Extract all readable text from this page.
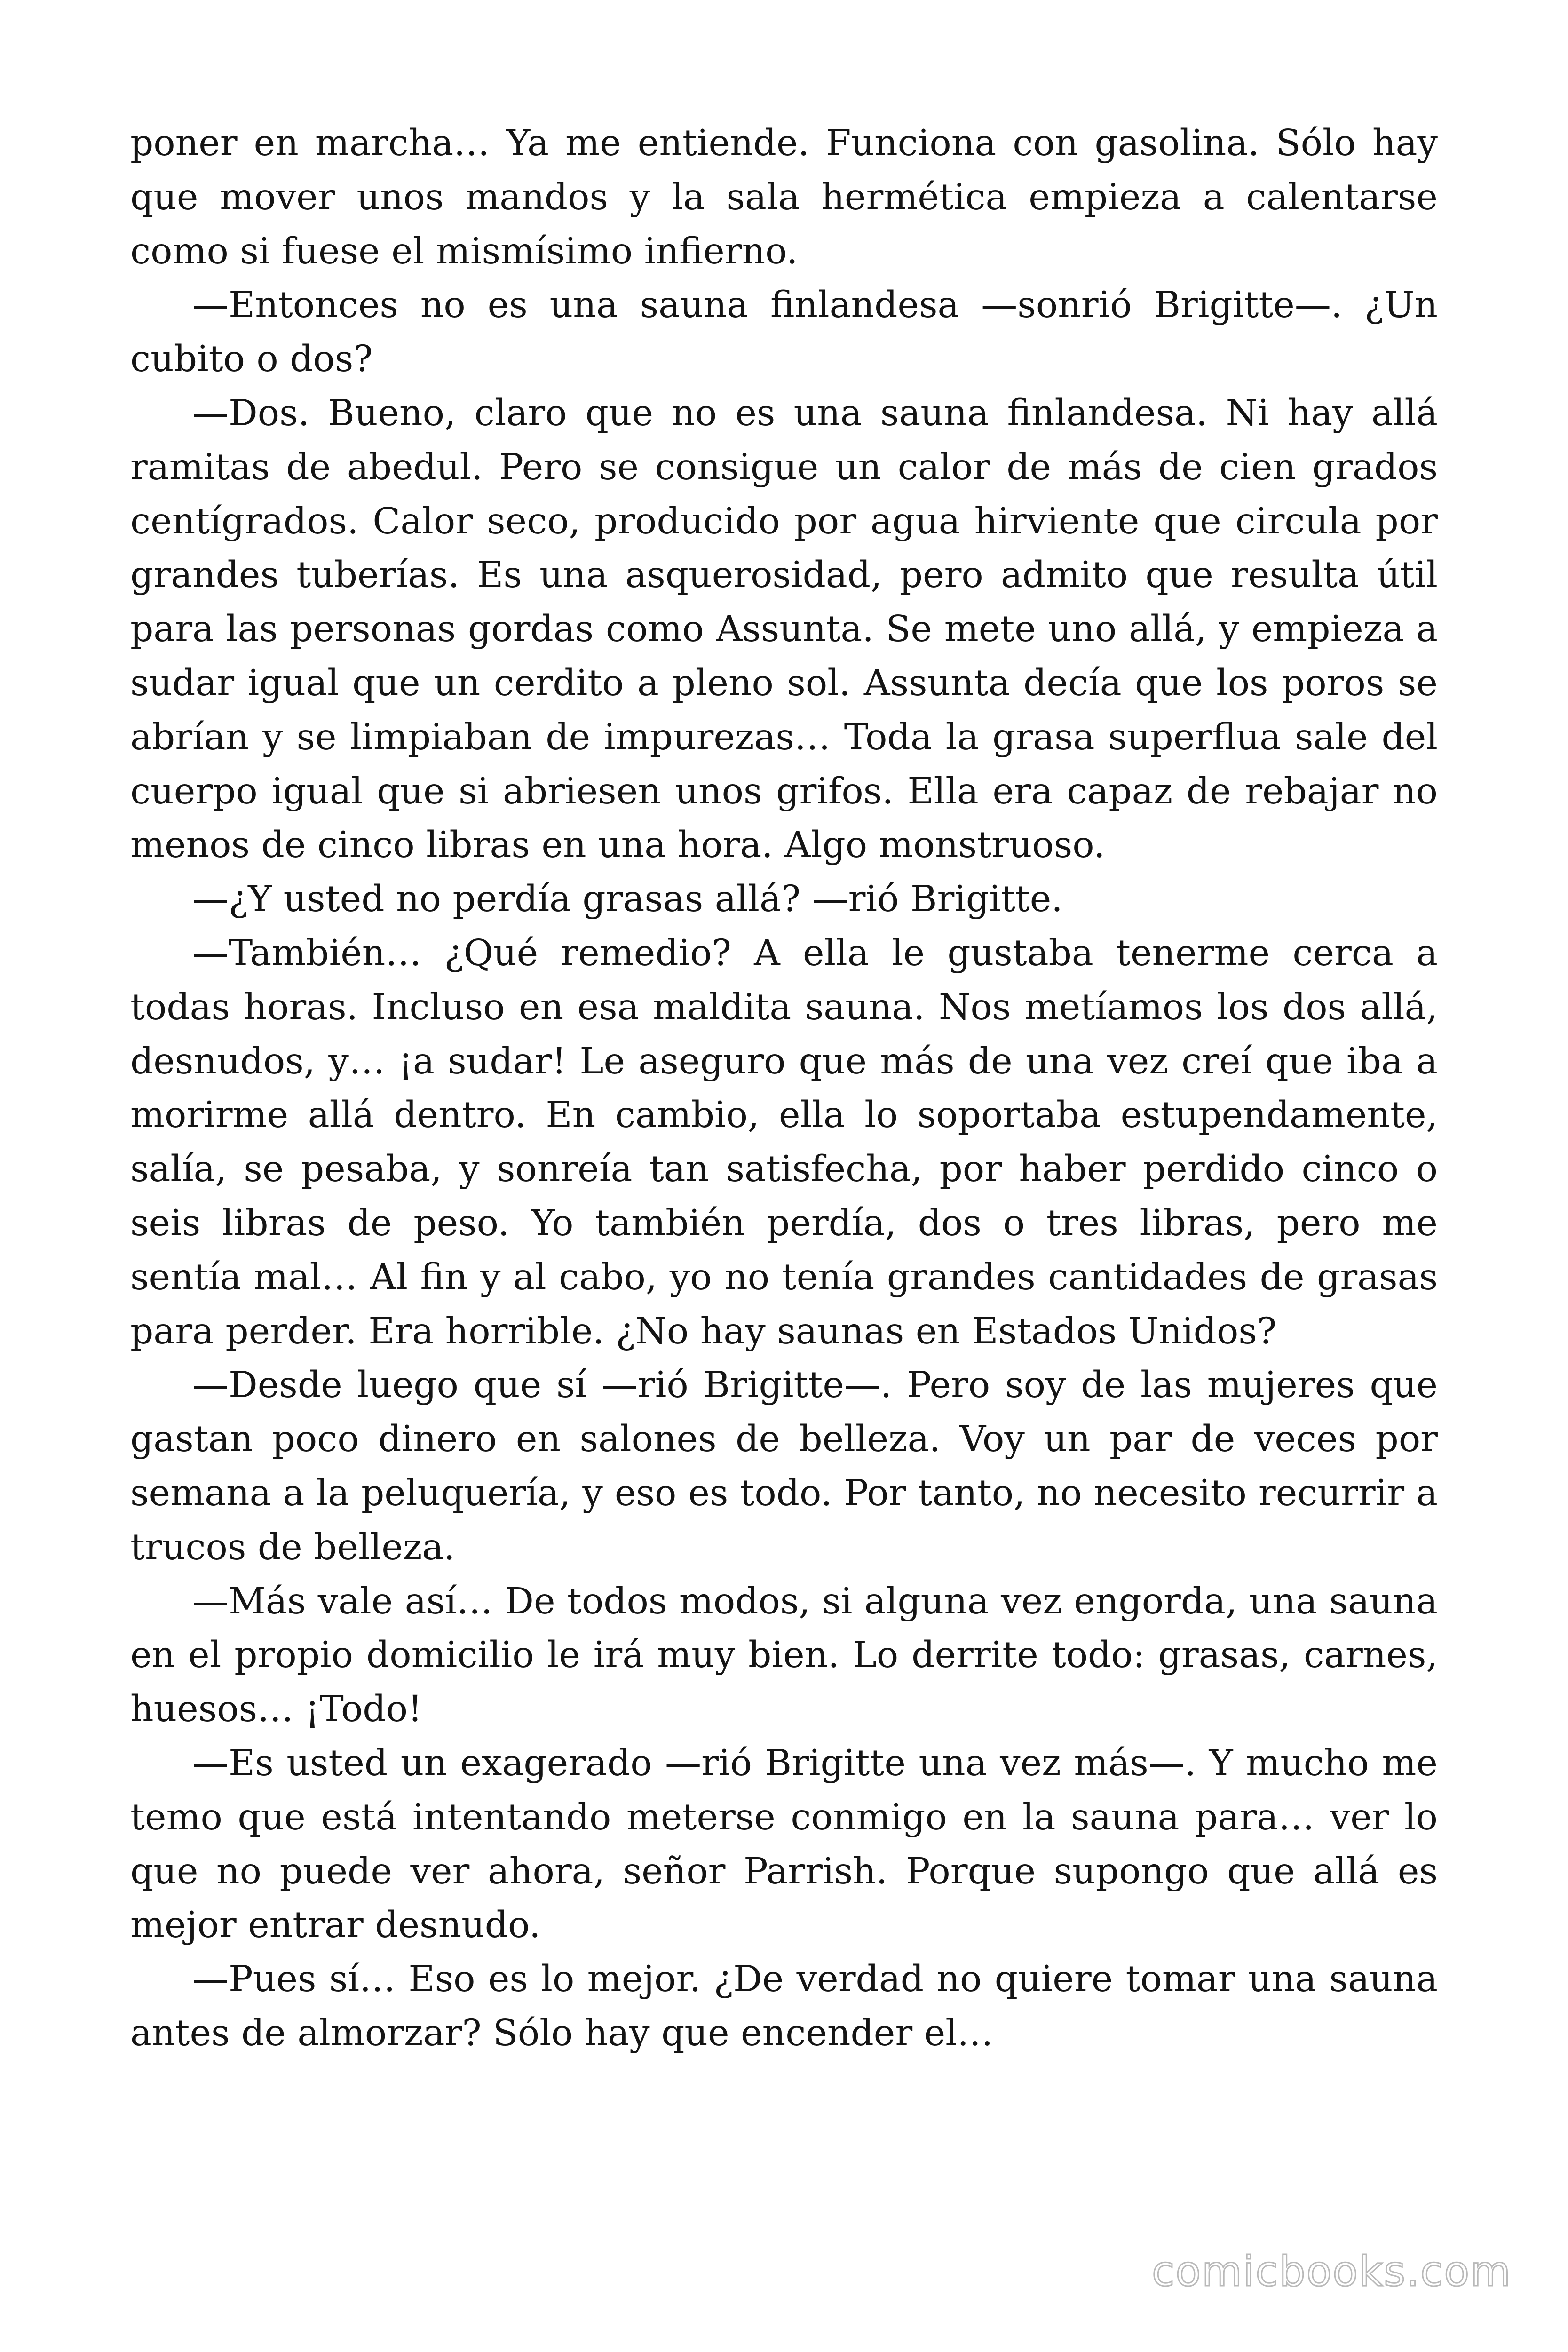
poner en marcha… Ya me entiende. Funciona con gasolina. Sólo hay que mover unos mandos y la sala hermética empieza a calentarse como si fuese el mismísimo infierno.

—Entonces no es una sauna finlandesa —sonrió Brigitte—. ¿Un cubito o dos?

—Dos. Bueno, claro que no es una sauna finlandesa. Ni hay allá ramitas de abedul. Pero se consigue un calor de más de cien grados centígrados. Calor seco, producido por agua hirviente que circula por grandes tuberías. Es una asquerosidad, pero admito que resulta útil para las personas gordas como Assunta. Se mete uno allá, y empieza a sudar igual que un cerdito a pleno sol. Assunta decía que los poros se abrían y se limpiaban de impurezas… Toda la grasa superflua sale del cuerpo igual que si abriesen unos grifos. Ella era capaz de rebajar no menos de cinco libras en una hora. Algo monstruoso.

—¿Y usted no perdía grasas allá? —rió Brigitte.

—También… ¿Qué remedio? A ella le gustaba tenerme cerca a todas horas. Incluso en esa maldita sauna. Nos metíamos los dos allá, desnudos, y… ¡a sudar! Le aseguro que más de una vez creí que iba a morirme allá dentro. En cambio, ella lo soportaba estupendamente, salía, se pesaba, y sonreía tan satisfecha, por haber perdido cinco o seis libras de peso. Yo también perdía, dos o tres libras, pero me sentía mal… Al fin y al cabo, yo no tenía grandes cantidades de grasas para perder. Era horrible. ¿No hay saunas en Estados Unidos?

—Desde luego que sí —rió Brigitte—. Pero soy de las mujeres que gastan poco dinero en salones de belleza. Voy un par de veces por semana a la peluquería, y eso es todo. Por tanto, no necesito recurrir a trucos de belleza.

—Más vale así… De todos modos, si alguna vez engorda, una sauna en el propio domicilio le irá muy bien. Lo derrite todo: grasas, carnes, huesos… ¡Todo!

—Es usted un exagerado —rió Brigitte una vez más—. Y mucho me temo que está intentando meterse conmigo en la sauna para… ver lo que no puede ver ahora, señor Parrish. Porque supongo que allá es mejor entrar desnudo.

—Pues sí… Eso es lo mejor. ¿De verdad no quiere tomar una sauna antes de almorzar? Sólo hay que encender el…

comicbooks.com
